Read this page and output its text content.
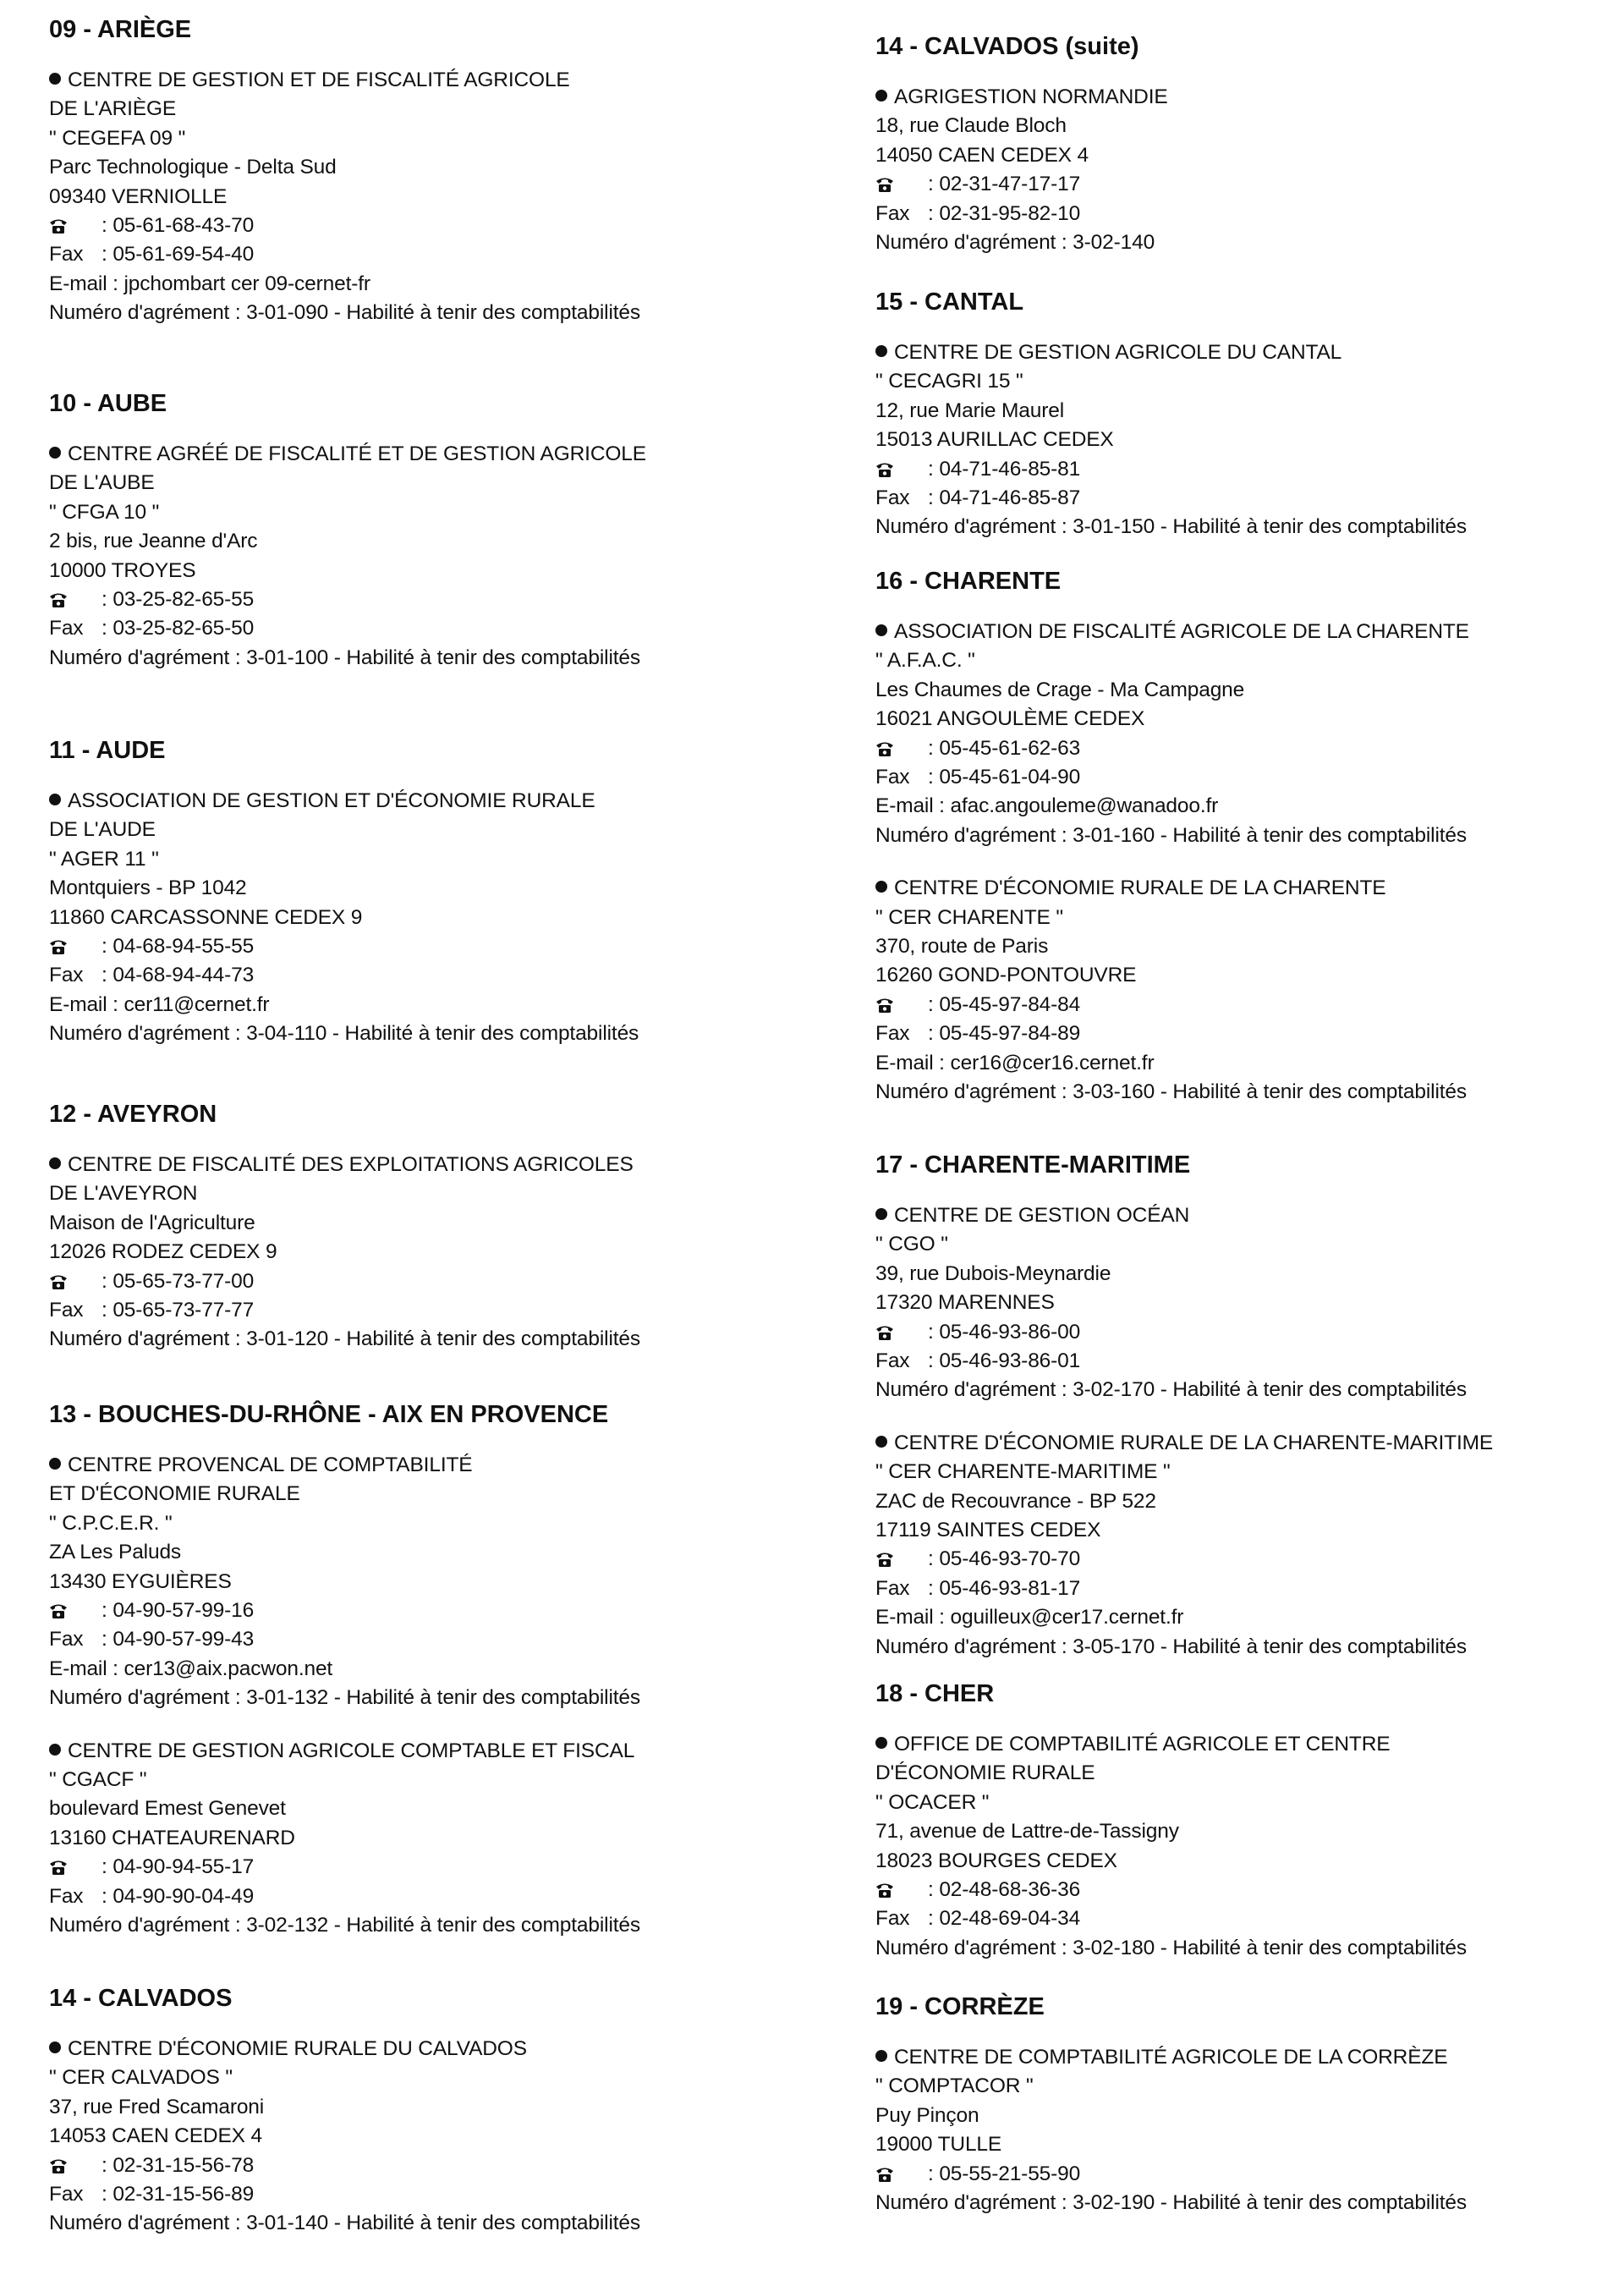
09 - ARIÈGE
CENTRE DE GESTION ET DE FISCALITÉ AGRICOLE
DE L'ARIÈGE
" CEGEFA 09 "
Parc Technologique - Delta Sud
09340 VERNIOLLE
: 05-61-68-43-70
Fax : 05-61-69-54-40
E-mail : jpchombart cer 09-cernet-fr
Numéro d'agrément : 3-01-090 - Habilité à tenir des comptabilités
10 - AUBE
CENTRE AGRÉÉ DE FISCALITÉ ET DE GESTION AGRICOLE
DE L'AUBE
" CFGA 10 "
2 bis, rue Jeanne d'Arc
10000 TROYES
: 03-25-82-65-55
Fax : 03-25-82-65-50
Numéro d'agrément : 3-01-100 - Habilité à tenir des comptabilités
11 - AUDE
ASSOCIATION DE GESTION ET D'ÉCONOMIE RURALE
DE L'AUDE
" AGER 11 "
Montquiers - BP 1042
11860 CARCASSONNE CEDEX 9
: 04-68-94-55-55
Fax : 04-68-94-44-73
E-mail : cer11@cernet.fr
Numéro d'agrément : 3-04-110 - Habilité à tenir des comptabilités
12 - AVEYRON
CENTRE DE FISCALITÉ DES EXPLOITATIONS AGRICOLES
DE L'AVEYRON
Maison de l'Agriculture
12026 RODEZ CEDEX 9
: 05-65-73-77-00
Fax : 05-65-73-77-77
Numéro d'agrément : 3-01-120 - Habilité à tenir des comptabilités
13 - BOUCHES-DU-RHÔNE - AIX EN PROVENCE
CENTRE PROVENCAL DE COMPTABILITÉ
ET D'ÉCONOMIE RURALE
" C.P.C.E.R. "
ZA Les Paluds
13430 EYGUIÈRES
: 04-90-57-99-16
Fax : 04-90-57-99-43
E-mail : cer13@aix.pacwon.net
Numéro d'agrément : 3-01-132 - Habilité à tenir des comptabilités
CENTRE DE GESTION AGRICOLE COMPTABLE ET FISCAL
" CGACF "
boulevard Emest Genevet
13160 CHATEAURENARD
: 04-90-94-55-17
Fax : 04-90-90-04-49
Numéro d'agrément : 3-02-132 - Habilité à tenir des comptabilités
14 - CALVADOS
CENTRE D'ÉCONOMIE RURALE DU CALVADOS
" CER CALVADOS "
37, rue Fred Scamaroni
14053 CAEN CEDEX 4
: 02-31-15-56-78
Fax : 02-31-15-56-89
Numéro d'agrément : 3-01-140 - Habilité à tenir des comptabilités
14 - CALVADOS (suite)
AGRIGESTION NORMANDIE
18, rue Claude Bloch
14050 CAEN CEDEX 4
: 02-31-47-17-17
Fax : 02-31-95-82-10
Numéro d'agrément : 3-02-140
15 - CANTAL
CENTRE DE GESTION AGRICOLE DU CANTAL
" CECAGRI 15 "
12, rue Marie Maurel
15013 AURILLAC CEDEX
: 04-71-46-85-81
Fax : 04-71-46-85-87
Numéro d'agrément : 3-01-150 - Habilité à tenir des comptabilités
16 - CHARENTE
ASSOCIATION DE FISCALITÉ AGRICOLE DE LA CHARENTE
" A.F.A.C. "
Les Chaumes de Crage - Ma Campagne
16021 ANGOULÈME CEDEX
: 05-45-61-62-63
Fax : 05-45-61-04-90
E-mail : afac.angouleme@wanadoo.fr
Numéro d'agrément : 3-01-160 - Habilité à tenir des comptabilités
CENTRE D'ÉCONOMIE RURALE DE LA CHARENTE
" CER CHARENTE "
370, route de Paris
16260 GOND-PONTOUVRE
: 05-45-97-84-84
Fax : 05-45-97-84-89
E-mail : cer16@cer16.cernet.fr
Numéro d'agrément : 3-03-160 - Habilité à tenir des comptabilités
17 - CHARENTE-MARITIME
CENTRE DE GESTION OCÉAN
" CGO "
39, rue Dubois-Meynardie
17320 MARENNES
: 05-46-93-86-00
Fax : 05-46-93-86-01
Numéro d'agrément : 3-02-170 - Habilité à tenir des comptabilités
CENTRE D'ÉCONOMIE RURALE DE LA CHARENTE-MARITIME
" CER CHARENTE-MARITIME "
ZAC de Recouvrance - BP 522
17119 SAINTES CEDEX
: 05-46-93-70-70
Fax : 05-46-93-81-17
E-mail : oguilleux@cer17.cernet.fr
Numéro d'agrément : 3-05-170 - Habilité à tenir des comptabilités
18 - CHER
OFFICE DE COMPTABILITÉ AGRICOLE ET CENTRE
D'ÉCONOMIE RURALE
" OCACER "
71, avenue de Lattre-de-Tassigny
18023 BOURGES CEDEX
: 02-48-68-36-36
Fax : 02-48-69-04-34
Numéro d'agrément : 3-02-180 - Habilité à tenir des comptabilités
19 - CORRÈZE
CENTRE DE COMPTABILITÉ AGRICOLE DE LA CORRÈZE
" COMPTACOR "
Puy Pinçon
19000 TULLE
: 05-55-21-55-90
Numéro d'agrément : 3-02-190 - Habilité à tenir des comptabilités
